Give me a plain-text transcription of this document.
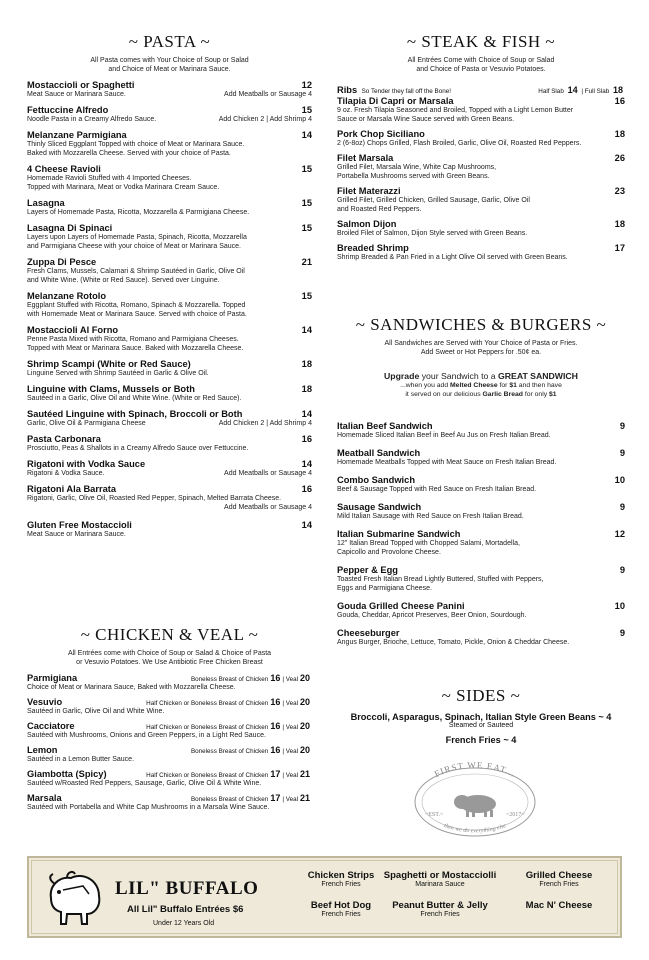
~ PASTA ~
All Pasta comes with Your Choice of Soup or Salad
and Choice of Meat or Marinara Sauce.
Mostaccioli or Spaghetti	12
Meat Sauce or Marinara Sauce.	Add Meatballs or Sausage 4
Fettuccine Alfredo	15
Noodle Pasta in a Creamy Alfredo Sauce.	Add Chicken 2 | Add Shrimp 4
Melanzane Parmigiana	14
Thinly Sliced Eggplant Topped with choice of Meat or Marinara Sauce.
Baked with Mozzarella Cheese. Served with your choice of Pasta.
4 Cheese Ravioli	15
Homemade Ravioli Stuffed with 4 Imported Cheeses.
Topped with Marinara, Meat or Vodka Marinara Cream Sauce.
Lasagna	15
Layers of Homemade Pasta, Ricotta, Mozzarella & Parmigiana Cheese.
Lasagna Di Spinaci	15
Layers upon Layers of Homemade Pasta, Spinach, Ricotta, Mozzarella
and Parmigiana Cheese with your choice of Meat or Marinara Sauce.
Zuppa Di Pesce	21
Fresh Clams, Mussels, Calamari & Shrimp Sautéed in Garlic, Olive Oil
and White Wine. (White or Red Sauce). Served over Linguine.
Melanzane Rotolo	15
Eggplant Stuffed with Ricotta, Romano, Spinach & Mozzarella. Topped
with Homemade Meat or Marinara Sauce. Served with choice of Pasta.
Mostaccioli Al Forno	14
Penne Pasta Mixed with Ricotta, Romano and Parmigiana Cheeses.
Topped with Meat or Marinara Sauce. Baked with Mozzarella Cheese.
Shrimp Scampi (White or Red Sauce)	18
Linguine Served with Shrimp Sautéed in Garlic & Olive Oil.
Linguine with Clams, Mussels or Both	18
Sautéed in a Garlic, Olive Oil and White Wine. (White or Red Sauce).
Sautéed Linguine with Spinach, Broccoli or Both	14
Garlic, Olive Oil & Parmigiana Cheese	Add Chicken 2 | Add Shrimp 4
Pasta Carbonara	16
Prosciutto, Peas & Shallots in a Creamy Alfredo Sauce over Fettuccine.
Rigatoni with Vodka Sauce	14
Rigatoni & Vodka Sauce.	Add Meatballs or Sausage 4
Rigatoni Ala Barrata	16
Rigatoni, Garlic, Olive Oil, Roasted Red Pepper, Spinach, Melted Barrata Cheese.
Add Meatballs or Sausage 4
Gluten Free Mostaccioli	14
Meat Sauce or Marinara Sauce.
~ CHICKEN & VEAL ~
All Entrées come with Choice of Soup or Salad & Choice of Pasta
or Vesuvio Potatoes. We Use Antibiotic Free Chicken Breast
Parmigiana	Boneless Breast of Chicken 16 | Veal 20
Choice of Meat or Marinara Sauce, Baked with Mozzarella Cheese.
Vesuvio	Half Chicken or Boneless Breast of Chicken 16 | Veal 20
Sautéed in Garlic, Olive Oil and White Wine.
Cacciatore	Half Chicken or Boneless Breast of Chicken 16 | Veal 20
Sautéed with Mushrooms, Onions and Green Peppers, in a Light Red Sauce.
Lemon	Boneless Breast of Chicken 16 | Veal 20
Sautéed in a Lemon Butter Sauce.
Giambotta (Spicy)	Half Chicken or Boneless Breast of Chicken 17 | Veal 21
Sautéed w/Roasted Red Peppers, Sausage, Garlic, Olive Oil & White Wine.
Marsala	Boneless Breast of Chicken 17 | Veal 21
Sautéed with Portabella and White Cap Mushrooms in a Marsala Wine Sauce.
~ STEAK & FISH ~
All Entrées Come with Choice of Soup or Salad
and Choice of Pasta or Vesuvio Potatoes.
Ribs So Tender they fall off the Bone!	Half Slab 14 | Full Slab 18
Tilapia Di Capri or Marsala	16
9 oz. Fresh Tilapia Seasoned and Broiled, Topped with a Light Lemon Butter
Sauce or Marsala Wine Sauce served with Green Beans.
Pork Chop Siciliano	18
2 (6-8oz) Chops Grilled, Flash Broiled, Garlic, Olive Oil, Roasted Red Peppers.
Filet Marsala	26
Grilled Filet, Marsala Wine, White Cap Mushrooms,
Portabella Mushrooms served with Green Beans.
Filet Materazzi	23
Grilled Filet, Grilled Chicken, Grilled Sausage, Garlic, Olive Oil
and Roasted Red Peppers.
Salmon Dijon	18
Broiled Filet of Salmon, Dijon Style served with Green Beans.
Breaded Shrimp	17
Shrimp Breaded & Pan Fried in a Light Olive Oil served with Green Beans.
~ SANDWICHES & BURGERS ~
All Sandwiches are Served with Your Choice of Pasta or Fries.
Add Sweet or Hot Peppers for .50¢ ea.
Upgrade your Sandwich to a GREAT SANDWICH
...when you add Melted Cheese for $1 and then have
it served on our delicious Garlic Bread for only $1
Italian Beef Sandwich	9
Homemade Sliced Italian Beef in Beef Au Jus on Fresh Italian Bread.
Meatball Sandwich	9
Homemade Meatballs Topped with Meat Sauce on Fresh Italian Bread.
Combo Sandwich	10
Beef & Sausage Topped with Red Sauce on Fresh Italian Bread.
Sausage Sandwich	9
Mild Italian Sausage with Red Sauce on Fresh Italian Bread.
Italian Submarine Sandwich	12
12" Italian Bread Topped with Chopped Salami, Mortadella,
Capicollo and Provolone Cheese.
Pepper & Egg	9
Toasted Fresh Italian Bread Lightly Buttered, Stuffed with Peppers,
Eggs and Parmigiana Cheese.
Gouda Grilled Cheese Panini	10
Gouda, Cheddar, Apricot Preserves, Beer Onion, Sourdough.
Cheeseburger	9
Angus Burger, Brioche, Lettuce, Tomato, Pickle, Onion & Cheddar Cheese.
~ SIDES ~
Broccoli, Asparagus, Spinach, Italian Style Green Beans ~ 4
Steamed or Sauteed
French Fries ~ 4
FIRST WE EAT...
then we do everything else
~EST.~	~2017~
LIL" BUFFALO
All Lil" Buffalo Entrées $6
Under 12 Years Old
Chicken Strips
French Fries
Spaghetti or Mostacciolli
Marinara Sauce
Grilled Cheese
French Fries
Beef Hot Dog
French Fries
Peanut Butter & Jelly
French Fries
Mac N' Cheese
